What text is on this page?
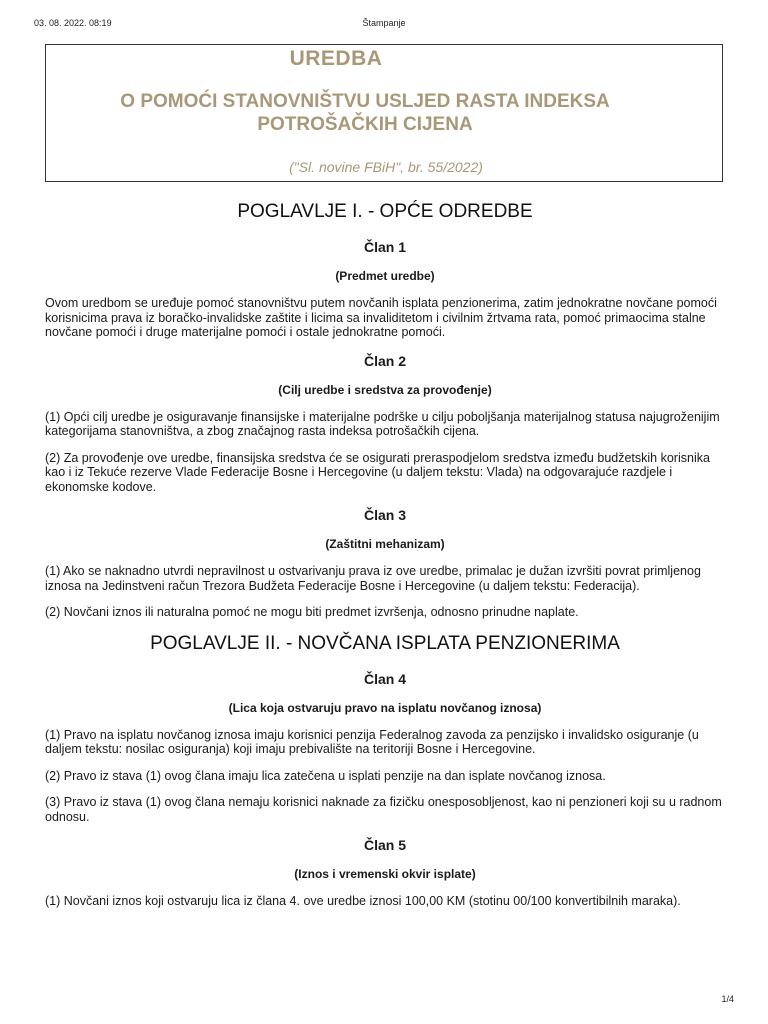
03. 08. 2022. 08:19	Štampanje
UREDBA
O POMOĆI STANOVNIŠTVU USLJED RASTA INDEKSA
POTROŠAČKIH CIJENA
("Sl. novine FBiH", br. 55/2022)
POGLAVLJE I. - OPĆE ODREDBE
Član 1
(Predmet uredbe)

Ovom uredbom se uređuje pomoć stanovništvu putem novčanih isplata penzionerima, zatim jednokratne novčane pomoći korisnicima prava iz boračko-invalidske zaštite i licima sa invaliditetom i civilnim žrtvama rata, pomoć primaocima stalne novčane pomoći i druge materijalne pomoći i ostale jednokratne pomoći.

Član 2
(Cilj uredbe i sredstva za provođenje)

(1) Opći cilj uredbe je osiguravanje finansijske i materijalne podrške u cilju poboljšanja materijalnog statusa najugroženijim kategorijama stanovništva, a zbog značajnog rasta indeksa potrošačkih cijena.

(2) Za provođenje ove uredbe, finansijska sredstva će se osigurati preraspodjelom sredstva između budžetskih korisnika kao i iz Tekuće rezerve Vlade Federacije Bosne i Hercegovine (u daljem tekstu: Vlada) na odgovarajuće razdjele i ekonomske kodove.

Član 3
(Zaštitni mehanizam)

(1) Ako se naknadno utvrdi nepravilnost u ostvarivanju prava iz ove uredbe, primalac je dužan izvršiti povrat primljenog iznosa na Jedinstveni račun Trezora Budžeta Federacije Bosne i Hercegovine (u daljem tekstu: Federacija).

(2) Novčani iznos ili naturalna pomoć ne mogu biti predmet izvršenja, odnosno prinudne naplate.

POGLAVLJE II. - NOVČANA ISPLATA PENZIONERIMA
Član 4
(Lica koja ostvaruju pravo na isplatu novčanog iznosa)

(1) Pravo na isplatu novčanog iznosa imaju korisnici penzija Federalnog zavoda za penzijsko i invalidsko osiguranje (u daljem tekstu: nosilac osiguranja) koji imaju prebivalište na teritoriji Bosne i Hercegovine.

(2) Pravo iz stava (1) ovog člana imaju lica zatečena u isplati penzije na dan isplate novčanog iznosa.

(3) Pravo iz stava (1) ovog člana nemaju korisnici naknade za fizičku onesposobljenost, kao ni penzioneri koji su u radnom odnosu.

Član 5
(Iznos i vremenski okvir isplate)

(1) Novčani iznos koji ostvaruju lica iz člana 4. ove uredbe iznosi 100,00 KM (stotinu 00/100 konvertibilnih maraka).

1/4
